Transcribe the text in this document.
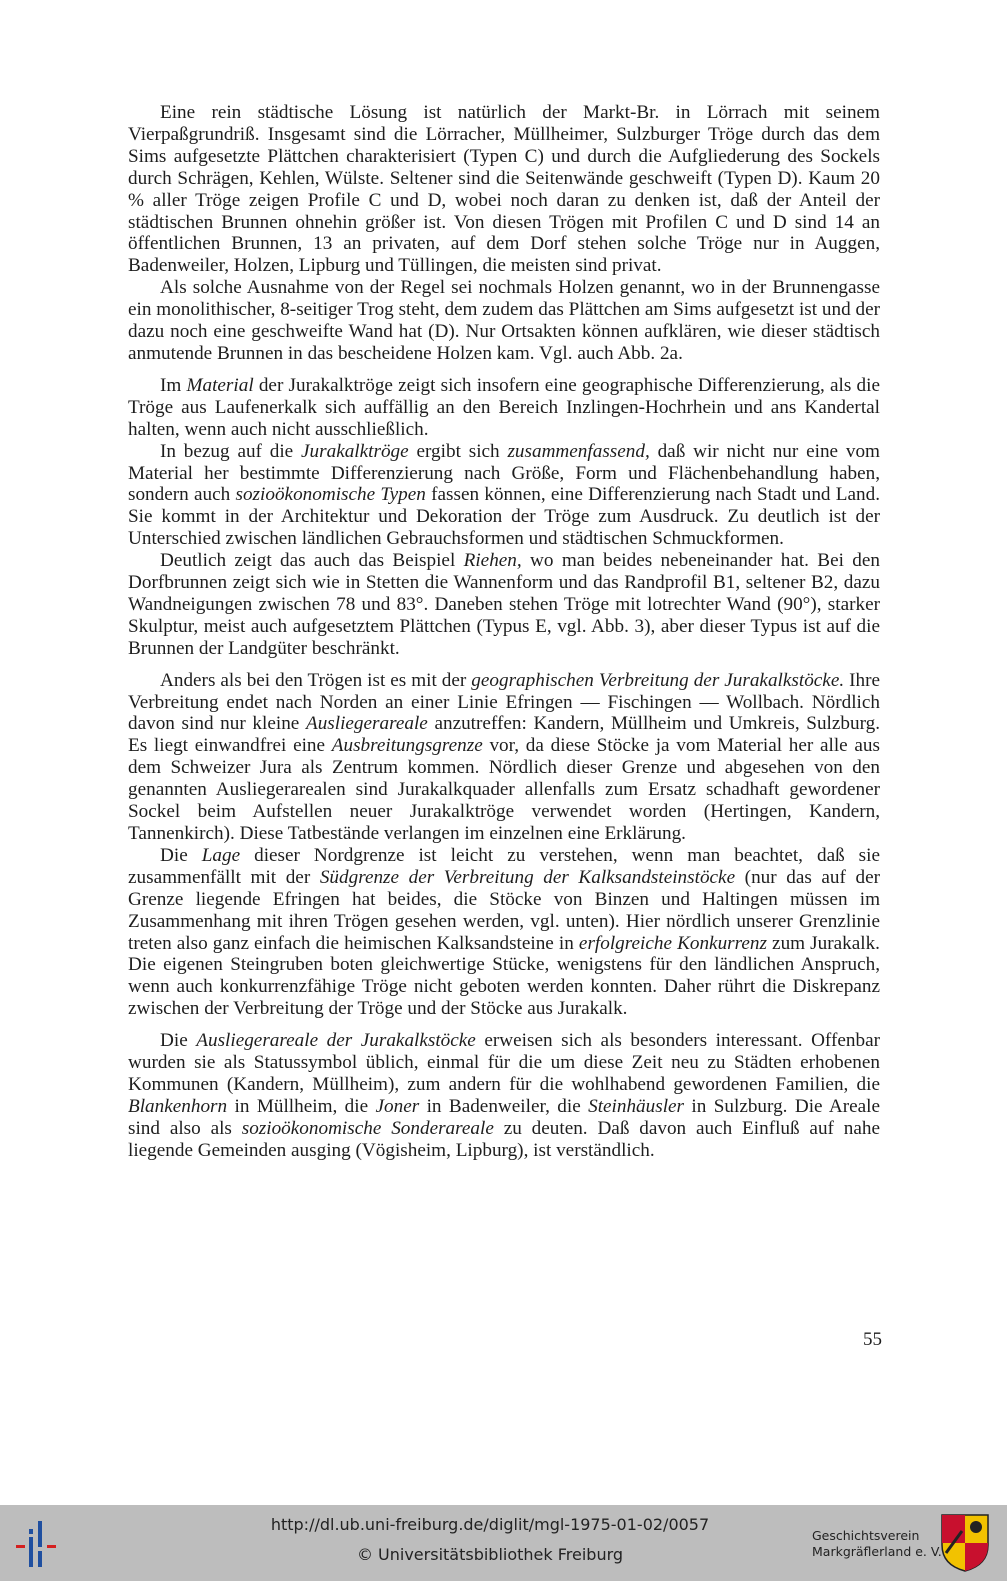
Eine rein städtische Lösung ist natürlich der Markt-Br. in Lörrach mit seinem Vierpaßgrundriß. Insgesamt sind die Lörracher, Müllheimer, Sulzburger Tröge durch das dem Sims aufgesetzte Plättchen charakterisiert (Typen C) und durch die Aufgliederung des Sockels durch Schrägen, Kehlen, Wülste. Seltener sind die Seitenwände geschweift (Typen D). Kaum 20 % aller Tröge zeigen Profile C und D, wobei noch daran zu denken ist, daß der Anteil der städtischen Brunnen ohnehin größer ist. Von diesen Trögen mit Profilen C und D sind 14 an öffentlichen Brunnen, 13 an privaten, auf dem Dorf stehen solche Tröge nur in Auggen, Badenweiler, Holzen, Lipburg und Tüllingen, die meisten sind privat.

Als solche Ausnahme von der Regel sei nochmals Holzen genannt, wo in der Brunnengasse ein monolithischer, 8-seitiger Trog steht, dem zudem das Plättchen am Sims aufgesetzt ist und der dazu noch eine geschweifte Wand hat (D). Nur Ortsakten können aufklären, wie dieser städtisch anmutende Brunnen in das bescheidene Holzen kam. Vgl. auch Abb. 2a.

Im Material der Jurakalktröge zeigt sich insofern eine geographische Differenzierung, als die Tröge aus Laufenerkalk sich auffällig an den Bereich Inzlingen-Hochrhein und ans Kandertal halten, wenn auch nicht ausschließlich.

In bezug auf die Jurakalktröge ergibt sich zusammenfassend, daß wir nicht nur eine vom Material her bestimmte Differenzierung nach Größe, Form und Flächenbehandlung haben, sondern auch sozioökonomische Typen fassen können, eine Differenzierung nach Stadt und Land. Sie kommt in der Architektur und Dekoration der Tröge zum Ausdruck. Zu deutlich ist der Unterschied zwischen ländlichen Gebrauchsformen und städtischen Schmuckformen.

Deutlich zeigt das auch das Beispiel Riehen, wo man beides nebeneinander hat. Bei den Dorfbrunnen zeigt sich wie in Stetten die Wannenform und das Randprofil B1, seltener B2, dazu Wandneigungen zwischen 78 und 83°. Daneben stehen Tröge mit lotrechter Wand (90°), starker Skulptur, meist auch aufgesetztem Plättchen (Typus E, vgl. Abb. 3), aber dieser Typus ist auf die Brunnen der Landgüter beschränkt.

Anders als bei den Trögen ist es mit der geographischen Verbreitung der Jurakalkstöcke. Ihre Verbreitung endet nach Norden an einer Linie Efringen — Fischingen — Wollbach. Nördlich davon sind nur kleine Ausliegerareale anzutreffen: Kandern, Müllheim und Umkreis, Sulzburg. Es liegt einwandfrei eine Ausbreitungsgrenze vor, da diese Stöcke ja vom Material her alle aus dem Schweizer Jura als Zentrum kommen. Nördlich dieser Grenze und abgesehen von den genannten Ausliegerarealen sind Jurakalkquader allenfalls zum Ersatz schadhaft gewordener Sockel beim Aufstellen neuer Jurakalktröge verwendet worden (Hertingen, Kandern, Tannenkirch). Diese Tatbestände verlangen im einzelnen eine Erklärung.

Die Lage dieser Nordgrenze ist leicht zu verstehen, wenn man beachtet, daß sie zusammenfällt mit der Südgrenze der Verbreitung der Kalksandsteinstöcke (nur das auf der Grenze liegende Efringen hat beides, die Stöcke von Binzen und Haltingen müssen im Zusammenhang mit ihren Trögen gesehen werden, vgl. unten). Hier nördlich unserer Grenzlinie treten also ganz einfach die heimischen Kalksandsteine in erfolgreiche Konkurrenz zum Jurakalk. Die eigenen Steingruben boten gleichwertige Stücke, wenigstens für den ländlichen Anspruch, wenn auch konkurrenzfähige Tröge nicht geboten werden konnten. Daher rührt die Diskrepanz zwischen der Verbreitung der Tröge und der Stöcke aus Jurakalk.

Die Ausliegerareale der Jurakalkstöcke erweisen sich als besonders interessant. Offenbar wurden sie als Statussymbol üblich, einmal für die um diese Zeit neu zu Städten erhobenen Kommunen (Kandern, Müllheim), zum andern für die wohlhabend gewordenen Familien, die Blankenhorn in Müllheim, die Joner in Badenweiler, die Steinhäusler in Sulzburg. Die Areale sind also als sozioökonomische Sonderareale zu deuten. Daß davon auch Einfluß auf nahe liegende Gemeinden ausging (Vögisheim, Lipburg), ist verständlich.

55
http://dl.ub.uni-freiburg.de/diglit/mgl-1975-01-02/0057
© Universitätsbibliothek Freiburg
Geschichtsverein
Markgräflerland e. V.
